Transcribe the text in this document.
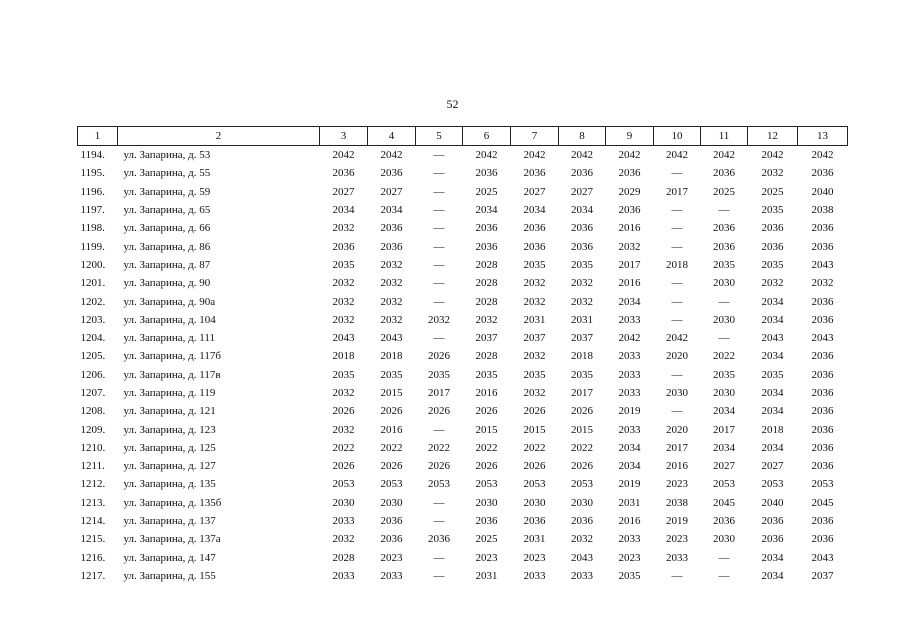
52
1	2	3	4	5	6	7	8	9	10	11	12	13
1194.	ул. Запарина, д. 53	2042	2042	—	2042	2042	2042	2042	2042	2042	2042	2042
1195.	ул. Запарина, д. 55	2036	2036	—	2036	2036	2036	2036	—	2036	2032	2036
1196.	ул. Запарина, д. 59	2027	2027	—	2025	2027	2027	2029	2017	2025	2025	2040
1197.	ул. Запарина, д. 65	2034	2034	—	2034	2034	2034	2036	—	—	2035	2038
1198.	ул. Запарина, д. 66	2032	2036	—	2036	2036	2036	2016	—	2036	2036	2036
1199.	ул. Запарина, д. 86	2036	2036	—	2036	2036	2036	2032	—	2036	2036	2036
1200.	ул. Запарина, д. 87	2035	2032	—	2028	2035	2035	2017	2018	2035	2035	2043
1201.	ул. Запарина, д. 90	2032	2032	—	2028	2032	2032	2016	—	2030	2032	2032
1202.	ул. Запарина, д. 90а	2032	2032	—	2028	2032	2032	2034	—	—	2034	2036
1203.	ул. Запарина, д. 104	2032	2032	2032	2032	2031	2031	2033	—	2030	2034	2036
1204.	ул. Запарина, д. 111	2043	2043	—	2037	2037	2037	2042	2042	—	2043	2043
1205.	ул. Запарина, д. 117б	2018	2018	2026	2028	2032	2018	2033	2020	2022	2034	2036
1206.	ул. Запарина, д. 117в	2035	2035	2035	2035	2035	2035	2033	—	2035	2035	2036
1207.	ул. Запарина, д. 119	2032	2015	2017	2016	2032	2017	2033	2030	2030	2034	2036
1208.	ул. Запарина, д. 121	2026	2026	2026	2026	2026	2026	2019	—	2034	2034	2036
1209.	ул. Запарина, д. 123	2032	2016	—	2015	2015	2015	2033	2020	2017	2018	2036
1210.	ул. Запарина, д. 125	2022	2022	2022	2022	2022	2022	2034	2017	2034	2034	2036
1211.	ул. Запарина, д. 127	2026	2026	2026	2026	2026	2026	2034	2016	2027	2027	2036
1212.	ул. Запарина, д. 135	2053	2053	2053	2053	2053	2053	2019	2023	2053	2053	2053
1213.	ул. Запарина, д. 135б	2030	2030	—	2030	2030	2030	2031	2038	2045	2040	2045
1214.	ул. Запарина, д. 137	2033	2036	—	2036	2036	2036	2016	2019	2036	2036	2036
1215.	ул. Запарина, д. 137а	2032	2036	2036	2025	2031	2032	2033	2023	2030	2036	2036
1216.	ул. Запарина, д. 147	2028	2023	—	2023	2023	2043	2023	2033	—	2034	2043
1217.	ул. Запарина, д. 155	2033	2033	—	2031	2033	2033	2035	—	—	2034	2037
